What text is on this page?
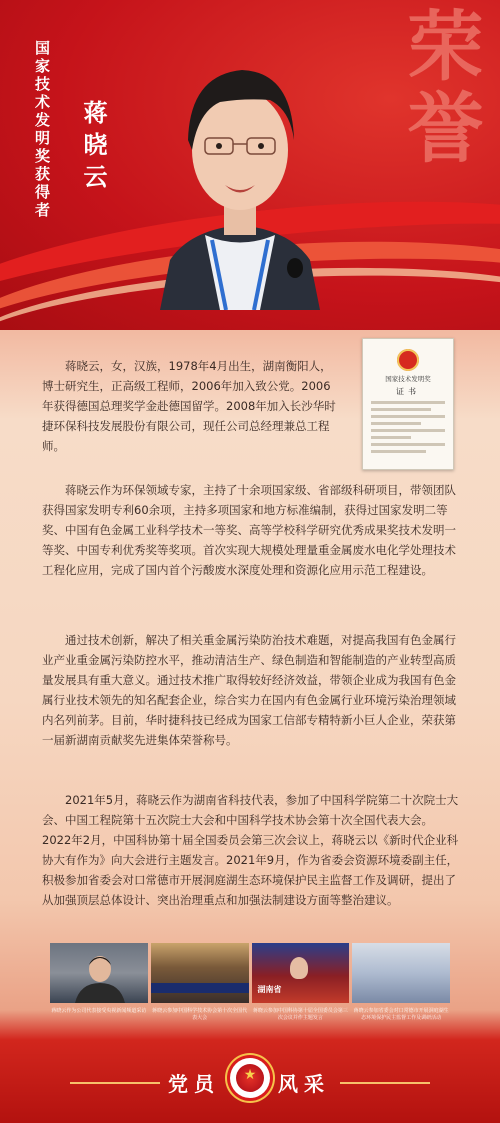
荣誉
国家技术发明奖获得者 蒋晓云
国家技术发明奖
证书

蒋晓云，女，汉族，1978年4月出生，湖南衡阳人，博士研究生，正高级工程师，2006年加入致公党。2006年获得德国总理奖学金赴德国留学。2008年加入长沙华时捷环保科技发展股份有限公司，现任公司总经理兼总工程师。

蒋晓云作为环保领域专家，主持了十余项国家级、省部级科研项目，带领团队获得国家发明专利60余项，主持多项国家和地方标准编制，获得过国家发明二等奖、中国有色金属工业科学技术一等奖、高等学校科学研究优秀成果奖技术发明一等奖、中国专利优秀奖等奖项。首次实现大规模处理量重金属废水电化学处理技术工程化应用，完成了国内首个污酸废水深度处理和资源化应用示范工程建设。

通过技术创新，解决了相关重金属污染防治技术难题，对提高我国有色金属行业产业重金属污染防控水平，推动清洁生产、绿色制造和智能制造的产业转型高质量发展具有重大意义。通过技术推广取得较好经济效益，带领企业成为我国有色金属行业技术领先的知名配套企业，综合实力在国内有色金属行业环境污染治理领域内名列前茅。目前，华时捷科技已经成为国家工信部专精特新小巨人企业，荣获第一届新湖南贡献奖先进集体荣誉称号。

2021年5月，蒋晓云作为湖南省科技代表，参加了中国科学院第二十次院士大会、中国工程院第十五次院士大会和中国科学技术协会第十次全国代表大会。2022年2月，中国科协第十届全国委员会第三次会议上，蒋晓云以《新时代企业科协大有作为》向大会进行主题发言。2021年9月，作为省委会资源环境委副主任，积极参加省委会对口常德市开展洞庭湖生态环境保护民主监督工作及调研，提出了从加强顶层总体设计、突出治理重点和加强法制建设方面等整治建议。

湖南省
蒋晓云作为公司代表接受央视新闻频道采访 蒋晓云参加中国科学技术协会第十次全国代表大会
蒋晓云参加中国科协第十届全国委员会第三次会议并作主题发言
蒋晓云参加省委会对口常德市开展洞庭湖生态环境保护民主监督工作及调研活动
党员	★	风采
